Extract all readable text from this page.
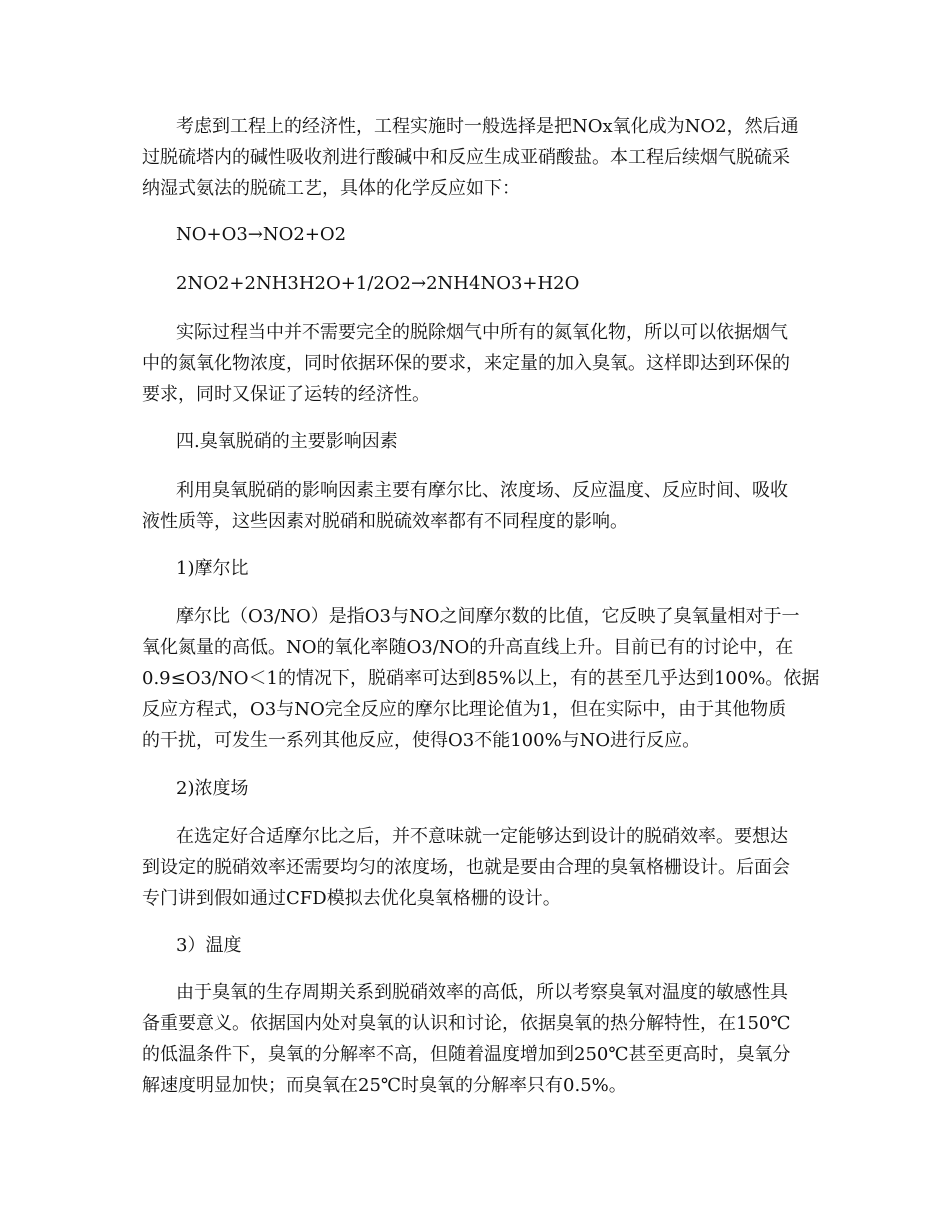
考虑到工程上的经济性，工程实施时一般选择是把NOx氧化成为NO2，然后通
过脱硫塔内的碱性吸收剂进行酸碱中和反应生成亚硝酸盐。本工程后续烟气脱硫采
纳湿式氨法的脱硫工艺，具体的化学反应如下：
NO+O3→NO2+O2
2NO2+2NH3H2O+1/2O2→2NH4NO3+H2O
实际过程当中并不需要完全的脱除烟气中所有的氮氧化物，所以可以依据烟气
中的氮氧化物浓度，同时依据环保的要求，来定量的加入臭氧。这样即达到环保的
要求，同时又保证了运转的经济性。
四.臭氧脱硝的主要影响因素
利用臭氧脱硝的影响因素主要有摩尔比、浓度场、反应温度、反应时间、吸收
液性质等，这些因素对脱硝和脱硫效率都有不同程度的影响。
1)摩尔比
摩尔比（O3/NO）是指O3与NO之间摩尔数的比值，它反映了臭氧量相对于一
氧化氮量的高低。NO的氧化率随O3/NO的升高直线上升。目前已有的讨论中，在
0.9≤O3/NO＜1的情况下，脱硝率可达到85%以上，有的甚至几乎达到100%。依据
反应方程式，O3与NO完全反应的摩尔比理论值为1，但在实际中，由于其他物质
的干扰，可发生一系列其他反应，使得O3不能100%与NO进行反应。
2)浓度场
在选定好合适摩尔比之后，并不意味就一定能够达到设计的脱硝效率。要想达
到设定的脱硝效率还需要均匀的浓度场，也就是要由合理的臭氧格栅设计。后面会
专门讲到假如通过CFD模拟去优化臭氧格栅的设计。
3）温度
由于臭氧的生存周期关系到脱硝效率的高低，所以考察臭氧对温度的敏感性具
备重要意义。依据国内处对臭氧的认识和讨论，依据臭氧的热分解特性，在150℃
的低温条件下，臭氧的分解率不高，但随着温度增加到250℃甚至更高时，臭氧分
解速度明显加快；而臭氧在25℃时臭氧的分解率只有0.5%。
